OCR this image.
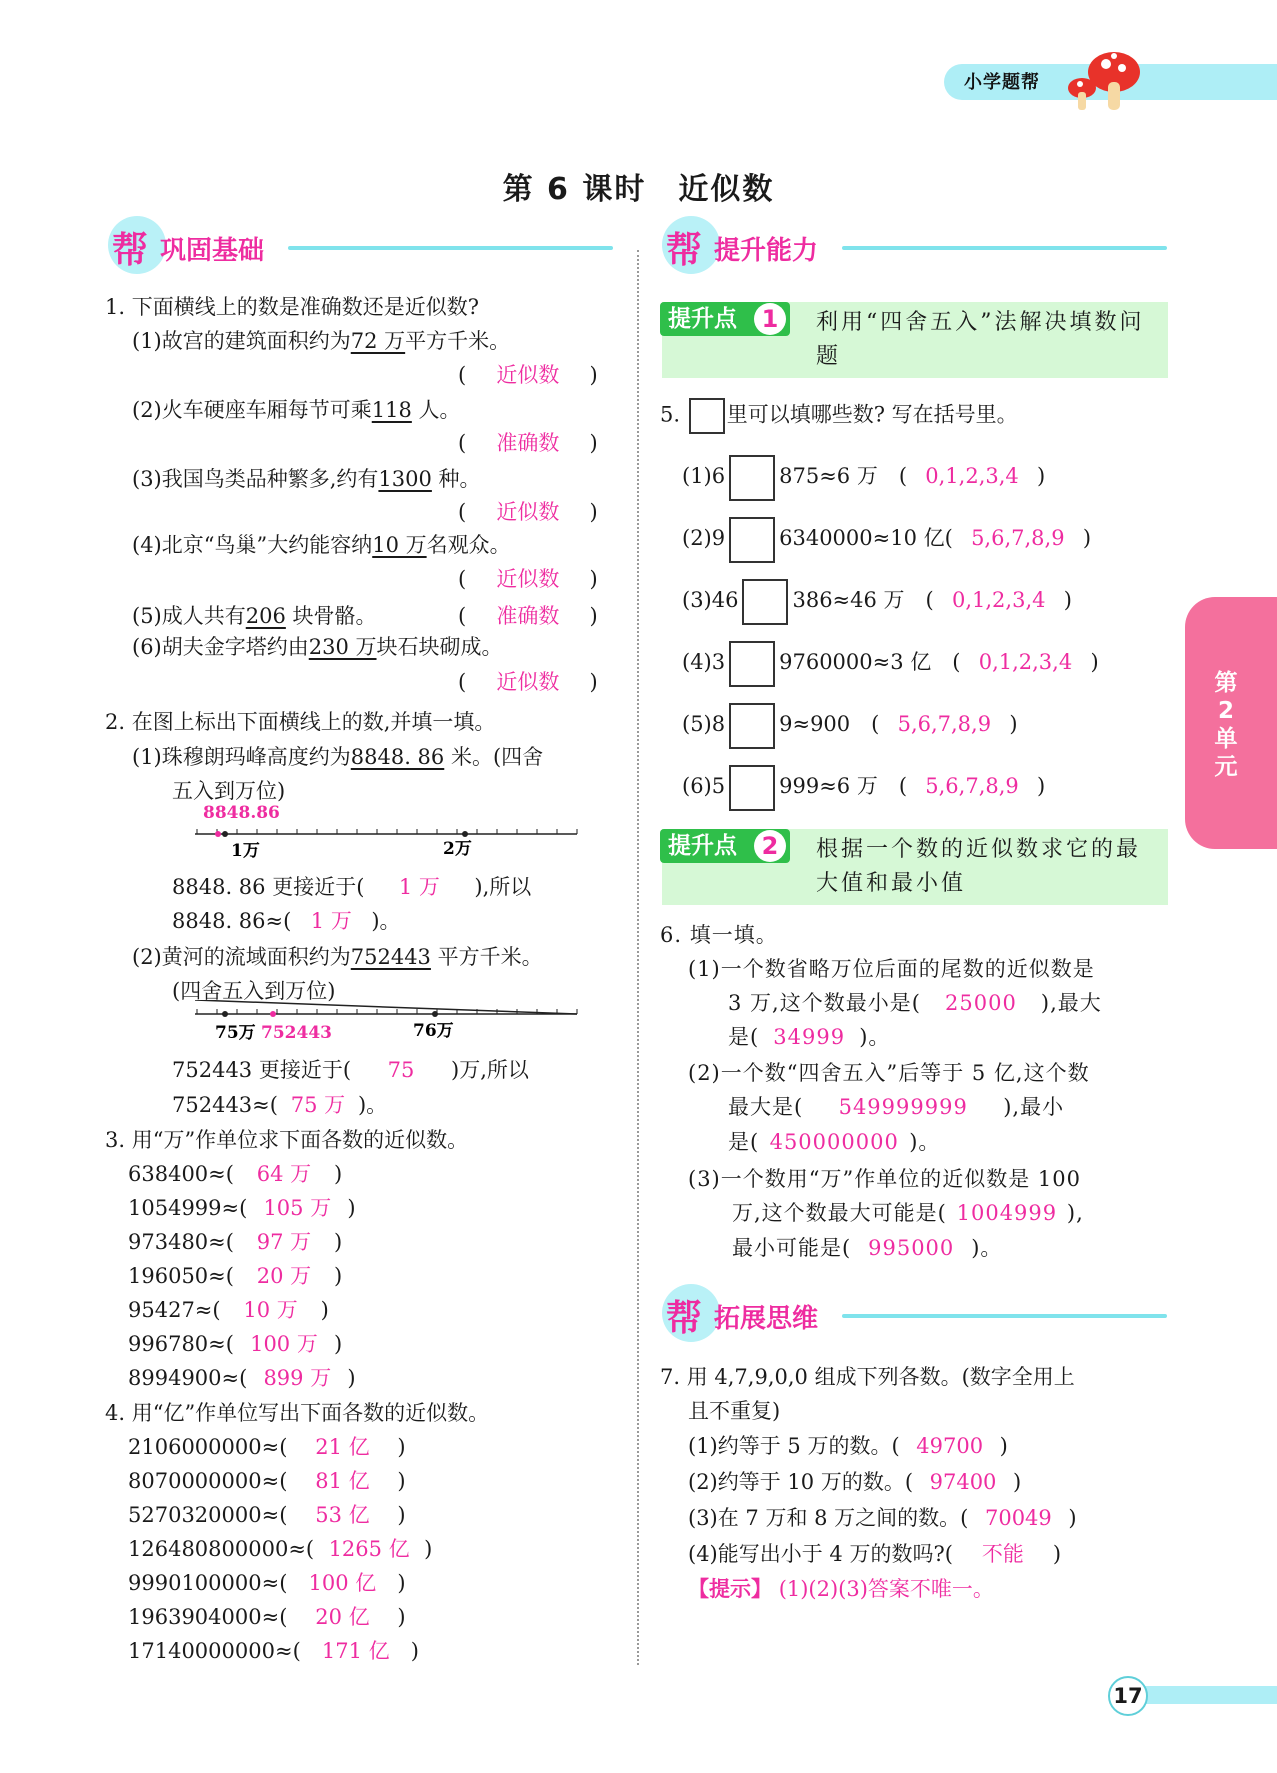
小学题帮
第 6 课时　近似数
帮 巩固基础	帮 提升能力
帮 拓展思维
1. 下面横线上的数是准确数还是近似数?
(1)故宫的建筑面积约为72 万平方千米。
( 近似数 )
(2)火车硬座车厢每节可乘118 人。
( 准确数 )
(3)我国鸟类品种繁多,约有1300 种。
( 近似数 )
(4)北京“鸟巢”大约能容纳10 万名观众。
( 近似数 )
(5)成人共有206 块骨骼。	( 准确数 )
(6)胡夫金字塔约由230 万块石块砌成。
( 近似数 )
2. 在图上标出下面横线上的数,并填一填。
(1)珠穆朗玛峰高度约为8848. 86 米。(四舍
五入到万位)
8848.86
1万	2万
8848. 86 更接近于( 1 万 ),所以
8848. 86≈( 1 万 )。
(2)黄河的流域面积约为752443 平方千米。
(四舍五入到万位)
75万 752443	76万
752443 更接近于( 75 )万,所以
752443≈( 75 万 )。
3. 用“万”作单位求下面各数的近似数。
638400≈( 64 万 )
1054999≈( 105 万 )
973480≈( 97 万 )
196050≈( 20 万 )
95427≈( 10 万 )
996780≈( 100 万 )
8994900≈( 899 万 )
4. 用“亿”作单位写出下面各数的近似数。
2106000000≈( 21 亿 )
8070000000≈( 81 亿 )
5270320000≈( 53 亿 )
126480800000≈( 1265 亿 )
9990100000≈( 100 亿 )
1963904000≈( 20 亿 )
17140000000≈( 171 亿 )
提升点	1	利用“四舍五入”法解决填数问题
5. 里可以填哪些数? 写在括号里。
(1)6	875≈6 万　( 0,1,2,3,4 )
(2)9	6340000≈10 亿( 5,6,7,8,9 )
(3)46	386≈46 万　( 0,1,2,3,4 )
(4)3	9760000≈3 亿　( 0,1,2,3,4 )
(5)8	9≈900　( 5,6,7,8,9 )
(6)5	999≈6 万　( 5,6,7,8,9 )
提升点	2	根据一个数的近似数求它的最大值和最小值
6. 填一填。
(1)一个数省略万位后面的尾数的近似数是
3 万,这个数最小是( 25000 ),最大
是( 34999 )。
(2)一个数“四舍五入”后等于 5 亿,这个数
最大是( 549999999 ),最小
是( 450000000 )。
(3)一个数用“万”作单位的近似数是 100
万,这个数最大可能是( 1004999 ),
最小可能是( 995000 )。
7. 用 4,7,9,0,0 组成下列各数。(数字全用上
且不重复)
(1)约等于 5 万的数。( 49700 )
(2)约等于 10 万的数。( 97400 )
(3)在 7 万和 8 万之间的数。( 70049 )
(4)能写出小于 4 万的数吗?( 不能 )
【提示】 (1)(2)(3)答案不唯一。
第2单元
17
